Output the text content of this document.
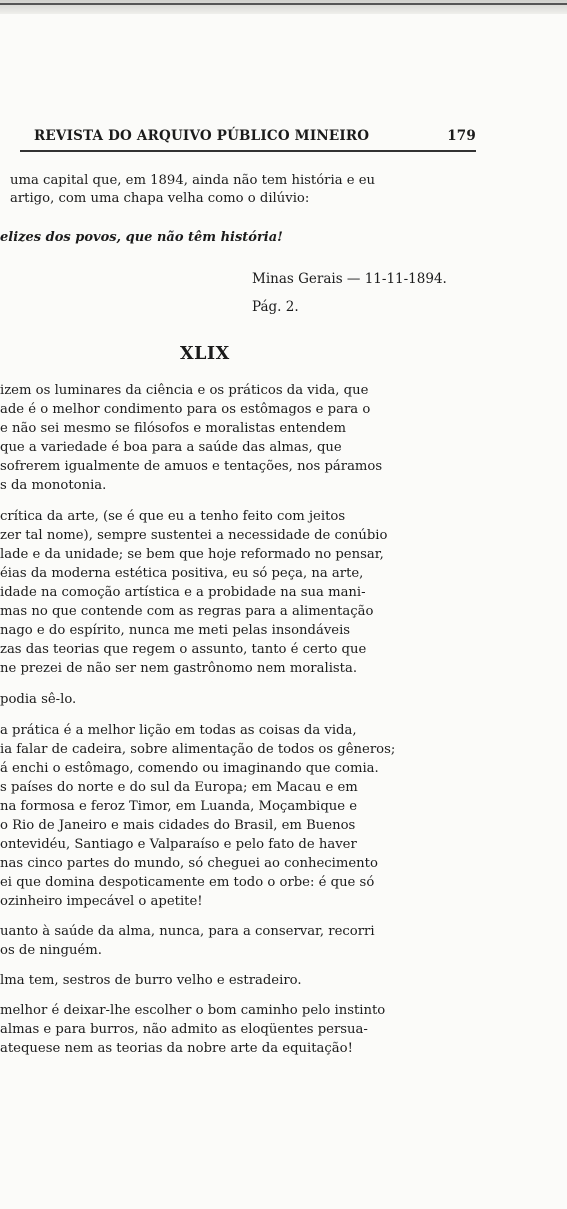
REVISTA DO ARQUIVO PÚBLICO MINEIRO	179
uma capital que, em 1894, ainda não tem história e eu
artigo, com uma chapa velha como o dilúvio:
elizes dos povos, que não têm história!
Minas Gerais — 11-11-1894.
Pág. 2.
XLIX
izem os luminares da ciência e os práticos da vida, que
ade é o melhor condimento para os estômagos e para o
e não sei mesmo se filósofos e moralistas entendem
que a variedade é boa para a saúde das almas, que
sofrerem igualmente de amuos e tentações, nos páramos
s da monotonia.
crítica da arte, (se é que eu a tenho feito com jeitos
zer tal nome), sempre sustentei a necessidade de conúbio
lade e da unidade; se bem que hoje reformado no pensar,
éias da moderna estética positiva, eu só peça, na arte,
idade na comoção artística e a probidade na sua mani-
mas no que contende com as regras para a alimentação
nago e do espírito, nunca me meti pelas insondáveis
zas das teorias que regem o assunto, tanto é certo que
ne prezei de não ser nem gastrônomo nem moralista.
podia sê-lo.
a prática é a melhor lição em todas as coisas da vida,
ia falar de cadeira, sobre alimentação de todos os gêneros;
á enchi o estômago, comendo ou imaginando que comia.
s países do norte e do sul da Europa; em Macau e em
na formosa e feroz Timor, em Luanda, Moçambique e
o Rio de Janeiro e mais cidades do Brasil, em Buenos
ontevidéu, Santiago e Valparaíso e pelo fato de haver
nas cinco partes do mundo, só cheguei ao conhecimento
ei que domina despoticamente em todo o orbe: é que só
ozinheiro impecável o apetite!
uanto à saúde da alma, nunca, para a conservar, recorri
os de ninguém.
lma tem, sestros de burro velho e estradeiro.
melhor é deixar-lhe escolher o bom caminho pelo instinto
almas e para burros, não admito as eloqüentes persua-
atequese nem as teorias da nobre arte da equitação!
